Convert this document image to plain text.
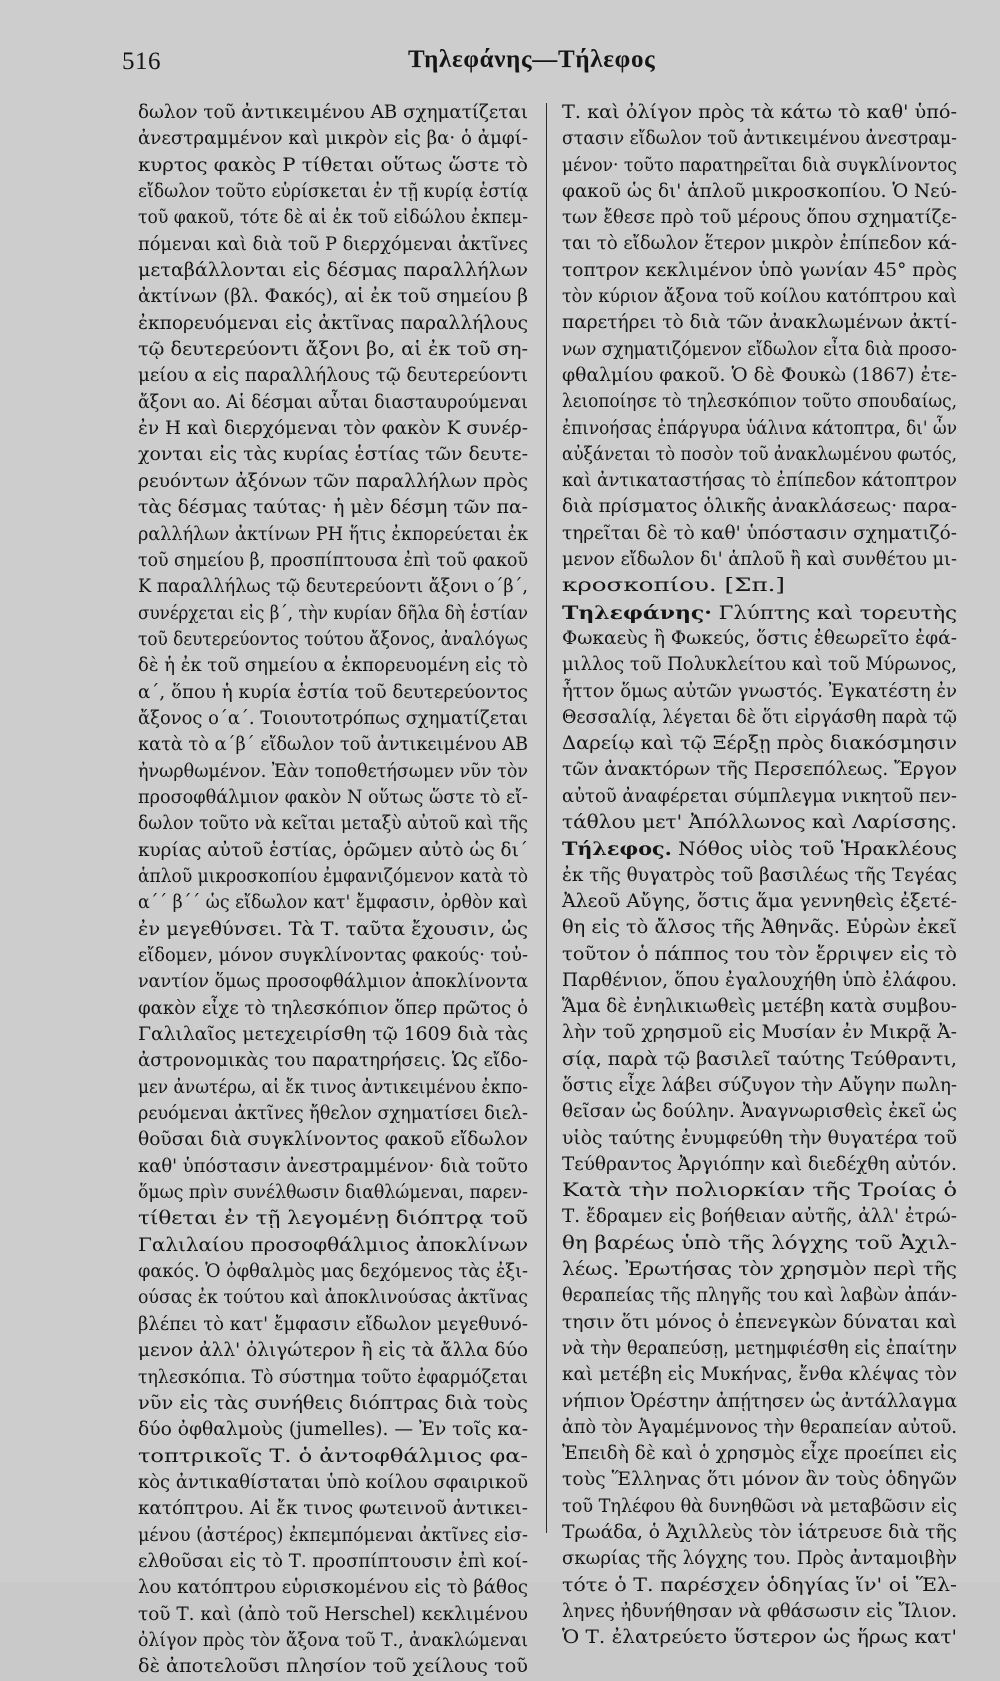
516	Τηλεφάνης—Τήλεφος
δωλον τοῦ ἀντικειμένου ΑΒ σχηματίζεται
ἀνεστραμμένον καὶ μικρὸν εἰς βα· ὁ ἀμφί-
κυρτος φακὸς Ρ τίθεται οὕτως ὥστε τὸ
εἴδωλον τοῦτο εὑρίσκεται ἐν τῇ κυρίᾳ ἑστίᾳ
τοῦ φακοῦ, τότε δὲ αἱ ἐκ τοῦ εἰδώλου ἐκπεμ-
πόμεναι καὶ διὰ τοῦ Ρ διερχόμεναι ἀκτῖνες
μεταβάλλονται εἰς δέσμας παραλλήλων
ἀκτίνων (βλ. Φακός), αἱ ἐκ τοῦ σημείου β
ἐκπορευόμεναι εἰς ἀκτῖνας παραλλήλους
τῷ δευτερεύοντι ἄξονι βο, αἱ ἐκ τοῦ ση-
μείου α εἰς παραλλήλους τῷ δευτερεύοντι
ἄξονι αο. Αἱ δέσμαι αὗται διασταυρούμεναι
ἐν Η καὶ διερχόμεναι τὸν φακὸν Κ συνέρ-
χονται εἰς τὰς κυρίας ἑστίας τῶν δευτε-
ρευόντων ἀξόνων τῶν παραλλήλων πρὸς
τὰς δέσμας ταύτας· ἡ μὲν δέσμη τῶν πα-
ραλλήλων ἀκτίνων ΡΗ ἥτις ἐκπορεύεται ἐκ
τοῦ σημείου β, προσπίπτουσα ἐπὶ τοῦ φακοῦ
Κ παραλλήλως τῷ δευτερεύοντι ἄξονι ο΄β΄,
συνέρχεται εἰς β΄, τὴν κυρίαν δῆλα δὴ ἑστίαν
τοῦ δευτερεύοντος τούτου ἄξονος, ἀναλόγως
δὲ ἡ ἐκ τοῦ σημείου α ἐκπορευομένη εἰς τὸ
α΄, ὅπου ἡ κυρία ἑστία τοῦ δευτερεύοντος
ἄξονος ο΄α΄. Τοιουτοτρόπως σχηματίζεται
κατὰ τὸ α΄β΄ εἴδωλον τοῦ ἀντικειμένου ΑΒ
ἠνωρθωμένον. Ἐὰν τοποθετήσωμεν νῦν τὸν
προσοφθάλμιον φακὸν Ν οὕτως ὥστε τὸ εἴ-
δωλον τοῦτο νὰ κεῖται μεταξὺ αὐτοῦ καὶ τῆς
κυρίας αὐτοῦ ἑστίας, ὁρῶμεν αὐτὸ ὡς δι΄
ἁπλοῦ μικροσκοπίου ἐμφανιζόμενον κατὰ τὸ
α΄΄ β΄΄ ὡς εἴδωλον κατ' ἔμφασιν, ὀρθὸν καὶ
ἐν μεγεθύνσει. Τὰ Τ. ταῦτα ἔχουσιν, ὡς
εἴδομεν, μόνον συγκλίνοντας φακούς· τοὐ-
ναντίον ὅμως προσοφθάλμιον ἀποκλίνοντα
φακὸν εἶχε τὸ τηλεσκόπιον ὅπερ πρῶτος ὁ
Γαλιλαῖος μετεχειρίσθη τῷ 1609 διὰ τὰς
ἀστρονομικὰς του παρατηρήσεις. Ὡς εἴδο-
μεν ἀνωτέρω, αἱ ἔκ τινος ἀντικειμένου ἐκπο-
ρευόμεναι ἀκτῖνες ἤθελον σχηματίσει διελ-
θοῦσαι διὰ συγκλίνοντος φακοῦ εἴδωλον
καθ' ὑπόστασιν ἀνεστραμμένον· διὰ τοῦτο
ὅμως πρὶν συνέλθωσιν διαθλώμεναι, παρεν-
τίθεται ἐν τῇ λεγομένῃ διόπτρᾳ τοῦ
Γαλιλαίου προσοφθάλμιος ἀποκλίνων
φακός. Ὁ ὀφθαλμὸς μας δεχόμενος τὰς ἐξι-
ούσας ἐκ τούτου καὶ ἀποκλινούσας ἀκτῖνας
βλέπει τὸ κατ' ἔμφασιν εἴδωλον μεγεθυνό-
μενον ἀλλ' ὀλιγώτερον ἢ εἰς τὰ ἄλλα δύο
τηλεσκόπια. Τὸ σύστημα τοῦτο ἐφαρμόζεται
νῦν εἰς τὰς συνήθεις διόπτρας διὰ τοὺς
δύο ὀφθαλμοὺς (jumelles). — Ἐν τοῖς κα-
τοπτρικοῖς Τ. ὁ ἀντοφθάλμιος φα-
κὸς ἀντικαθίσταται ὑπὸ κοίλου σφαιρικοῦ
κατόπτρου. Αἱ ἔκ τινος φωτεινοῦ ἀντικει-
μένου (ἀστέρος) ἐκπεμπόμεναι ἀκτῖνες εἰσ-
ελθοῦσαι εἰς τὸ Τ. προσπίπτουσιν ἐπὶ κοί-
λου κατόπτρου εὑρισκομένου εἰς τὸ βάθος
τοῦ Τ. καὶ (ἀπὸ τοῦ Herschel) κεκλιμένου
ὀλίγον πρὸς τὸν ἄξονα τοῦ Τ., ἀνακλώμεναι
δὲ ἀποτελοῦσι πλησίον τοῦ χείλους τοῦ
Τ. καὶ ὀλίγον πρὸς τὰ κάτω τὸ καθ' ὑπό-
στασιν εἴδωλον τοῦ ἀντικειμένου ἀνεστραμ-
μένον· τοῦτο παρατηρεῖται διὰ συγκλίνοντος
φακοῦ ὡς δι' ἁπλοῦ μικροσκοπίου. Ὁ Νεύ-
των ἔθεσε πρὸ τοῦ μέρους ὅπου σχηματίζε-
ται τὸ εἴδωλον ἕτερον μικρὸν ἐπίπεδον κά-
τοπτρον κεκλιμένον ὑπὸ γωνίαν 45° πρὸς
τὸν κύριον ἄξονα τοῦ κοίλου κατόπτρου καὶ
παρετήρει τὸ διὰ τῶν ἀνακλωμένων ἀκτί-
νων σχηματιζόμενον εἴδωλον εἶτα διὰ προσο-
φθαλμίου φακοῦ. Ὁ δὲ Φουκὼ (1867) ἐτε-
λειοποίησε τὸ τηλεσκόπιον τοῦτο σπουδαίως,
ἐπινοήσας ἐπάργυρα ὑάλινα κάτοπτρα, δι' ὧν
αὐξάνεται τὸ ποσὸν τοῦ ἀνακλωμένου φωτός,
καὶ ἀντικαταστήσας τὸ ἐπίπεδον κάτοπτρον
διὰ πρίσματος ὁλικῆς ἀνακλάσεως· παρα-
τηρεῖται δὲ τὸ καθ' ὑπόστασιν σχηματιζό-
μενον εἴδωλον δι' ἁπλοῦ ἢ καὶ συνθέτου μι-
κροσκοπίου. [Σπ.]
Τηλεφάνης· Γλύπτης καὶ τορευτὴς
Φωκαεὺς ἢ Φωκεύς, ὅστις ἐθεωρεῖτο ἐφά-
μιλλος τοῦ Πολυκλείτου καὶ τοῦ Μύρωνος,
ἧττον ὅμως αὐτῶν γνωστός. Ἐγκατέστη ἐν
Θεσσαλίᾳ, λέγεται δὲ ὅτι εἰργάσθη παρὰ τῷ
Δαρείῳ καὶ τῷ Ξέρξῃ πρὸς διακόσμησιν
τῶν ἀνακτόρων τῆς Περσεπόλεως. Ἔργον
αὐτοῦ ἀναφέρεται σύμπλεγμα νικητοῦ πεν-
τάθλου μετ' Ἀπόλλωνος καὶ Λαρίσσης.
Τήλεφος. Νόθος υἱὸς τοῦ Ἡρακλέους
ἐκ τῆς θυγατρὸς τοῦ βασιλέως τῆς Τεγέας
Ἀλεοῦ Αὔγης, ὅστις ἅμα γεννηθεὶς ἐξετέ-
θη εἰς τὸ ἄλσος τῆς Ἀθηνᾶς. Εὑρὼν ἐκεῖ
τοῦτον ὁ πάππος του τὸν ἔρριψεν εἰς τὸ
Παρθένιον, ὅπου ἐγαλουχήθη ὑπὸ ἐλάφου.
Ἅμα δὲ ἐνηλικιωθεὶς μετέβη κατὰ συμβου-
λὴν τοῦ χρησμοῦ εἰς Μυσίαν ἐν Μικρᾷ Ἀ-
σίᾳ, παρὰ τῷ βασιλεῖ ταύτης Τεύθραντι,
ὅστις εἶχε λάβει σύζυγον τὴν Αὔγην πωλη-
θεῖσαν ὡς δούλην. Ἀναγνωρισθεὶς ἐκεῖ ὡς
υἱὸς ταύτης ἐνυμφεύθη τὴν θυγατέρα τοῦ
Τεύθραντος Ἀργιόπην καὶ διεδέχθη αὐτόν.
Κατὰ τὴν πολιορκίαν τῆς Τροίας ὁ
Τ. ἔδραμεν εἰς βοήθειαν αὐτῆς, ἀλλ' ἐτρώ-
θη βαρέως ὑπὸ τῆς λόγχης τοῦ Ἀχιλ-
λέως. Ἐρωτήσας τὸν χρησμὸν περὶ τῆς
θεραπείας τῆς πληγῆς του καὶ λαβὼν ἀπάν-
τησιν ὅτι μόνος ὁ ἐπενεγκὼν δύναται καὶ
νὰ τὴν θεραπεύσῃ, μετημφιέσθη εἰς ἐπαίτην
καὶ μετέβη εἰς Μυκήνας, ἔνθα κλέψας τὸν
νήπιον Ὀρέστην ἀπῄτησεν ὡς ἀντάλλαγμα
ἀπὸ τὸν Ἀγαμέμνονος τὴν θεραπείαν αὐτοῦ.
Ἐπειδὴ δὲ καὶ ὁ χρησμὸς εἶχε προείπει εἰς
τοὺς Ἕλληνας ὅτι μόνον ἂν τοὺς ὁδηγῶν
τοῦ Τηλέφου θὰ δυνηθῶσι νὰ μεταβῶσιν εἰς
Τρωάδα, ὁ Ἀχιλλεὺς τὸν ἰάτρευσε διὰ τῆς
σκωρίας τῆς λόγχης του. Πρὸς ἀνταμοιβὴν
τότε ὁ Τ. παρέσχεν ὁδηγίας ἵν' οἱ Ἕλ-
ληνες ἠδυνήθησαν νὰ φθάσωσιν εἰς Ἴλιον.
Ὁ Τ. ἐλατρεύετο ὕστερον ὡς ἥρως κατ'
